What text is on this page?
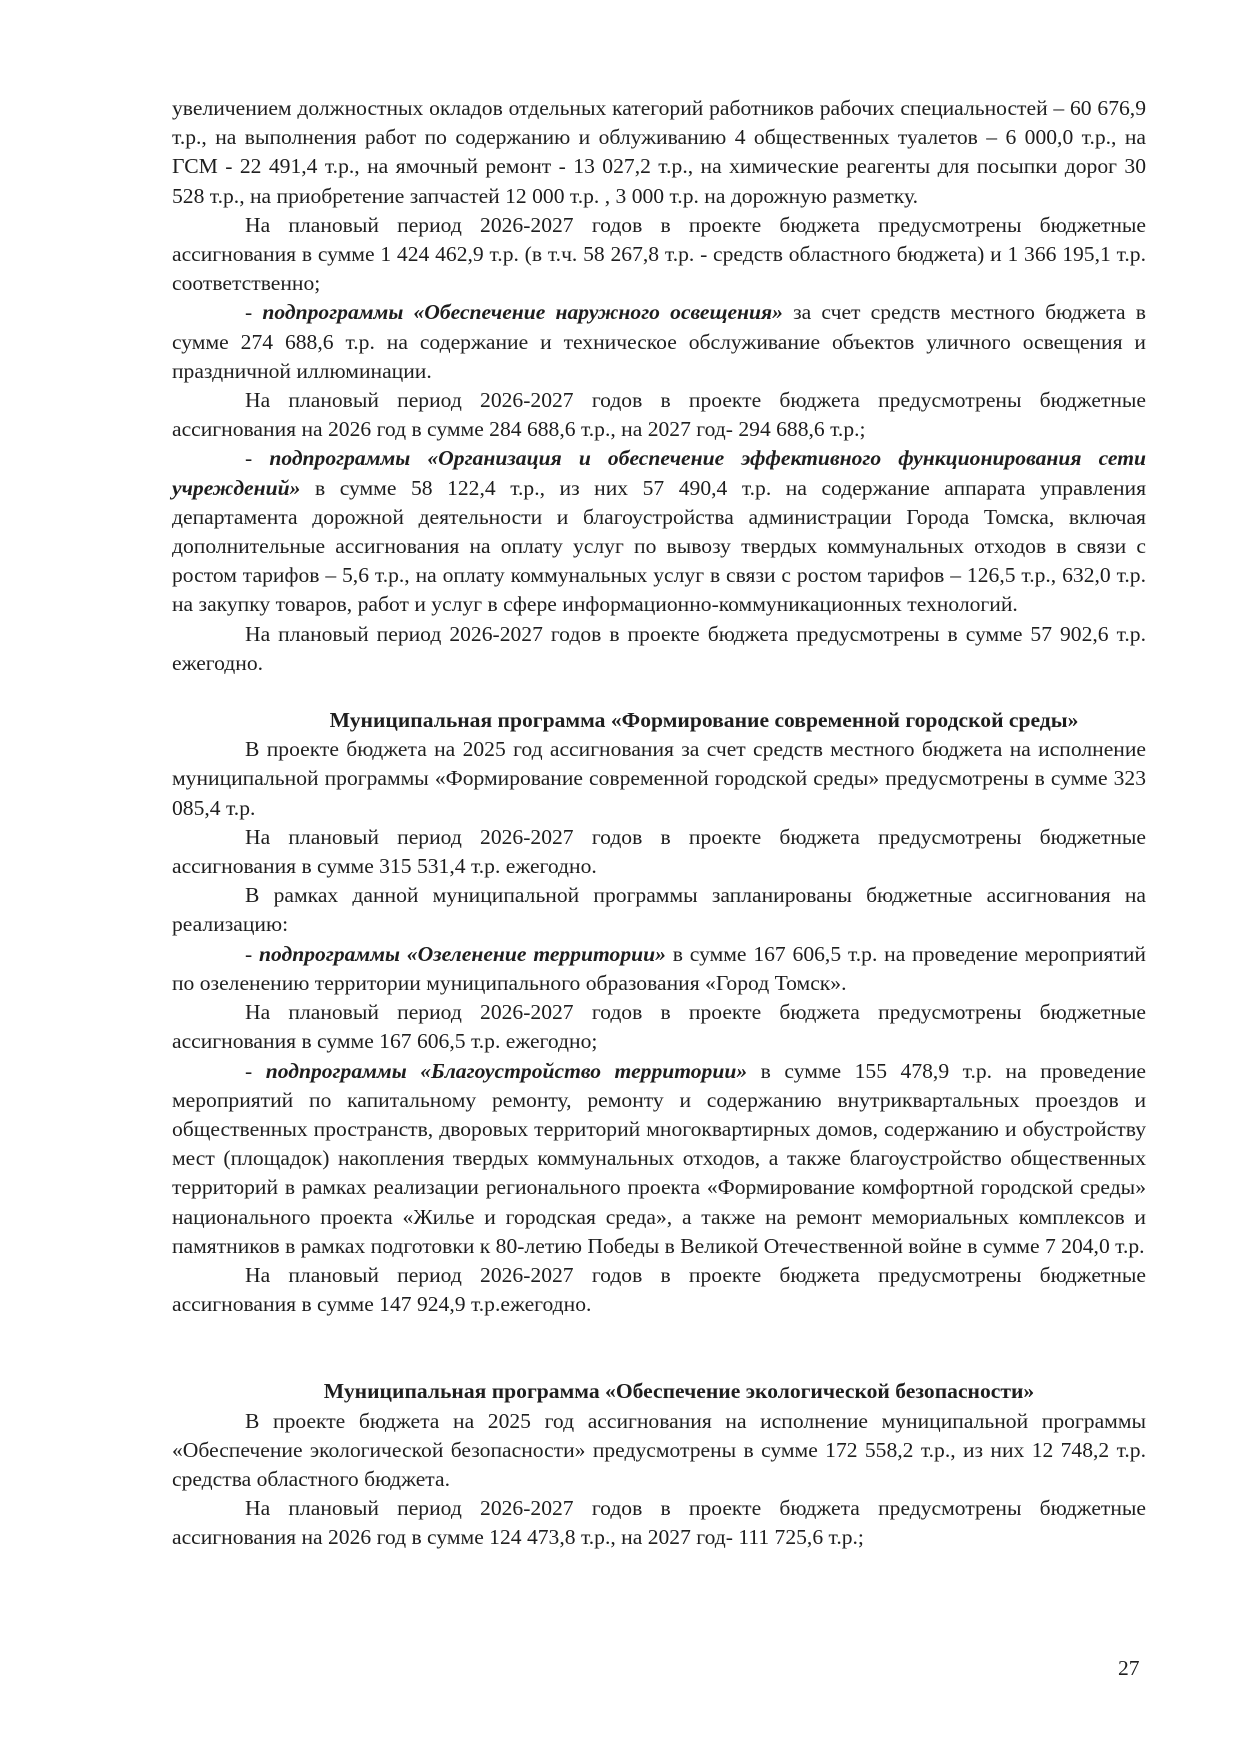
увеличением должностных окладов отдельных категорий работников рабочих специальностей – 60 676,9 т.р., на выполнения работ по содержанию и облуживанию 4 общественных туалетов – 6 000,0 т.р., на ГСМ - 22 491,4 т.р., на ямочный ремонт - 13 027,2 т.р., на химические реагенты для посыпки дорог 30 528 т.р., на приобретение запчастей 12 000 т.р. , 3 000 т.р. на дорожную разметку.

На плановый период 2026-2027 годов в проекте бюджета предусмотрены бюджетные ассигнования в сумме 1 424 462,9 т.р. (в т.ч. 58 267,8 т.р. - средств областного бюджета) и 1 366 195,1 т.р. соответственно;

- подпрограммы «Обеспечение наружного освещения» за счет средств местного бюджета в сумме 274 688,6 т.р. на содержание и техническое обслуживание объектов уличного освещения и праздничной иллюминации.

На плановый период 2026-2027 годов в проекте бюджета предусмотрены бюджетные ассигнования на 2026 год в сумме 284 688,6 т.р., на 2027 год- 294 688,6 т.р.;

- подпрограммы «Организация и обеспечение эффективного функционирования сети учреждений» в сумме 58 122,4 т.р., из них 57 490,4 т.р. на содержание аппарата управления департамента дорожной деятельности и благоустройства администрации Города Томска, включая дополнительные ассигнования на оплату услуг по вывозу твердых коммунальных отходов в связи с ростом тарифов – 5,6 т.р., на оплату коммунальных услуг в связи с ростом тарифов – 126,5 т.р., 632,0 т.р. на закупку товаров, работ и услуг в сфере информационно-коммуникационных технологий.

На плановый период 2026-2027 годов в проекте бюджета предусмотрены в сумме 57 902,6 т.р. ежегодно.

Муниципальная программа «Формирование современной городской среды»

В проекте бюджета на 2025 год ассигнования за счет средств местного бюджета на исполнение муниципальной программы «Формирование современной городской среды» предусмотрены в сумме 323 085,4 т.р.

На плановый период 2026-2027 годов в проекте бюджета предусмотрены бюджетные ассигнования в сумме 315 531,4 т.р. ежегодно.

В рамках данной муниципальной программы запланированы бюджетные ассигнования на реализацию:

- подпрограммы «Озеленение территории» в сумме 167 606,5 т.р. на проведение мероприятий по озеленению территории муниципального образования «Город Томск».

На плановый период 2026-2027 годов в проекте бюджета предусмотрены бюджетные ассигнования в сумме 167 606,5 т.р. ежегодно;

- подпрограммы «Благоустройство территории» в сумме 155 478,9 т.р. на проведение мероприятий по капитальному ремонту, ремонту и содержанию внутриквартальных проездов и общественных пространств, дворовых территорий многоквартирных домов, содержанию и обустройству мест (площадок) накопления твердых коммунальных отходов, а также благоустройство общественных территорий в рамках реализации регионального проекта «Формирование комфортной городской среды» национального проекта «Жилье и городская среда», а также на ремонт мемориальных комплексов и памятников в рамках подготовки к 80-летию Победы в Великой Отечественной войне в сумме 7 204,0 т.р.

На плановый период 2026-2027 годов в проекте бюджета предусмотрены бюджетные ассигнования в сумме 147 924,9 т.р.ежегодно.

Муниципальная программа «Обеспечение экологической безопасности»

В проекте бюджета на 2025 год ассигнования на исполнение муниципальной программы «Обеспечение экологической безопасности» предусмотрены в сумме 172 558,2 т.р., из них 12 748,2 т.р. средства областного бюджета.

На плановый период 2026-2027 годов в проекте бюджета предусмотрены бюджетные ассигнования на 2026 год в сумме 124 473,8 т.р., на 2027 год- 111 725,6 т.р.;

27
